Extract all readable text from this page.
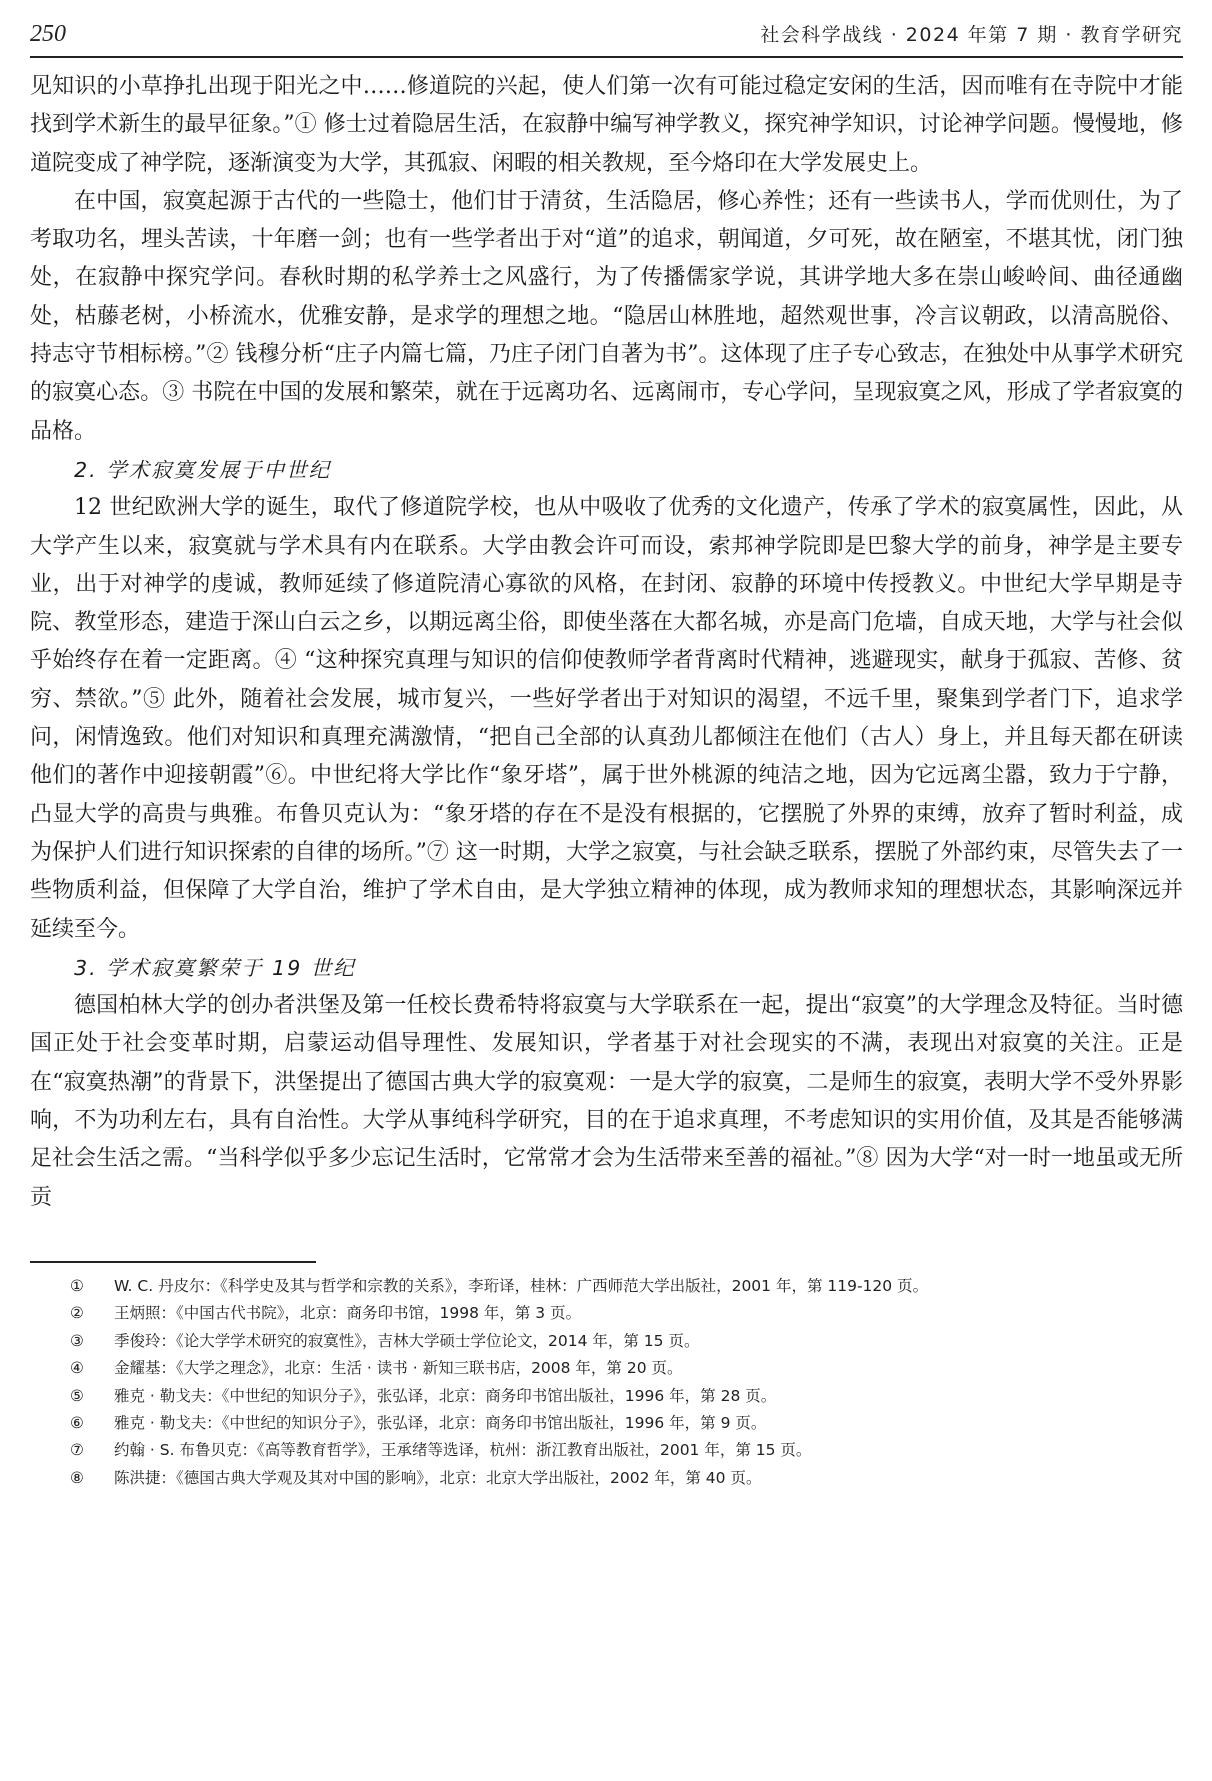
250	社会科学战线 · 2024 年第 7 期 · 教育学研究

见知识的小草挣扎出现于阳光之中……修道院的兴起，使人们第一次有可能过稳定安闲的生活，因而唯有在寺院中才能找到学术新生的最早征象。”① 修士过着隐居生活，在寂静中编写神学教义，探究神学知识，讨论神学问题。慢慢地，修道院变成了神学院，逐渐演变为大学，其孤寂、闲暇的相关教规，至今烙印在大学发展史上。

在中国，寂寞起源于古代的一些隐士，他们甘于清贫，生活隐居，修心养性；还有一些读书人，学而优则仕，为了考取功名，埋头苦读，十年磨一剑；也有一些学者出于对“道”的追求，朝闻道，夕可死，故在陋室，不堪其忧，闭门独处，在寂静中探究学问。春秋时期的私学养士之风盛行，为了传播儒家学说，其讲学地大多在崇山峻岭间、曲径通幽处，枯藤老树，小桥流水，优雅安静，是求学的理想之地。“隐居山林胜地，超然观世事，冷言议朝政，以清高脱俗、持志守节相标榜。”② 钱穆分析“庄子内篇七篇，乃庄子闭门自著为书”。这体现了庄子专心致志，在独处中从事学术研究的寂寞心态。③ 书院在中国的发展和繁荣，就在于远离功名、远离闹市，专心学问，呈现寂寞之风，形成了学者寂寞的品格。

2. 学术寂寞发展于中世纪

12 世纪欧洲大学的诞生，取代了修道院学校，也从中吸收了优秀的文化遗产，传承了学术的寂寞属性，因此，从大学产生以来，寂寞就与学术具有内在联系。大学由教会许可而设，索邦神学院即是巴黎大学的前身，神学是主要专业，出于对神学的虔诚，教师延续了修道院清心寡欲的风格，在封闭、寂静的环境中传授教义。中世纪大学早期是寺院、教堂形态，建造于深山白云之乡，以期远离尘俗，即使坐落在大都名城，亦是高门危墙，自成天地，大学与社会似乎始终存在着一定距离。④ “这种探究真理与知识的信仰使教师学者背离时代精神，逃避现实，献身于孤寂、苦修、贫穷、禁欲。”⑤ 此外，随着社会发展，城市复兴，一些好学者出于对知识的渴望，不远千里，聚集到学者门下，追求学问，闲情逸致。他们对知识和真理充满激情，“把自己全部的认真劲儿都倾注在他们（古人）身上，并且每天都在研读他们的著作中迎接朝霞”⑥。中世纪将大学比作“象牙塔”，属于世外桃源的纯洁之地，因为它远离尘嚣，致力于宁静，凸显大学的高贵与典雅。布鲁贝克认为：“象牙塔的存在不是没有根据的，它摆脱了外界的束缚，放弃了暂时利益，成为保护人们进行知识探索的自律的场所。”⑦ 这一时期，大学之寂寞，与社会缺乏联系，摆脱了外部约束，尽管失去了一些物质利益，但保障了大学自治，维护了学术自由，是大学独立精神的体现，成为教师求知的理想状态，其影响深远并延续至今。

3. 学术寂寞繁荣于 19 世纪

德国柏林大学的创办者洪堡及第一任校长费希特将寂寞与大学联系在一起，提出“寂寞”的大学理念及特征。当时德国正处于社会变革时期，启蒙运动倡导理性、发展知识，学者基于对社会现实的不满，表现出对寂寞的关注。正是在“寂寞热潮”的背景下，洪堡提出了德国古典大学的寂寞观：一是大学的寂寞，二是师生的寂寞，表明大学不受外界影响，不为功利左右，具有自治性。大学从事纯科学研究，目的在于追求真理，不考虑知识的实用价值，及其是否能够满足社会生活之需。“当科学似乎多少忘记生活时，它常常才会为生活带来至善的福祉。”⑧ 因为大学“对一时一地虽或无所贡

①	W. C. 丹皮尔：《科学史及其与哲学和宗教的关系》，李珩译，桂林：广西师范大学出版社，2001 年，第 119-120 页。
②	王炳照：《中国古代书院》，北京：商务印书馆，1998 年，第 3 页。
③	季俊玲：《论大学学术研究的寂寞性》，吉林大学硕士学位论文，2014 年，第 15 页。
④	金耀基：《大学之理念》，北京：生活 · 读书 · 新知三联书店，2008 年，第 20 页。
⑤	雅克 · 勒戈夫：《中世纪的知识分子》，张弘译，北京：商务印书馆出版社，1996 年，第 28 页。
⑥	雅克 · 勒戈夫：《中世纪的知识分子》，张弘译，北京：商务印书馆出版社，1996 年，第 9 页。
⑦	约翰 · S. 布鲁贝克：《高等教育哲学》，王承绪等选译，杭州：浙江教育出版社，2001 年，第 15 页。
⑧	陈洪捷：《德国古典大学观及其对中国的影响》，北京：北京大学出版社，2002 年，第 40 页。
